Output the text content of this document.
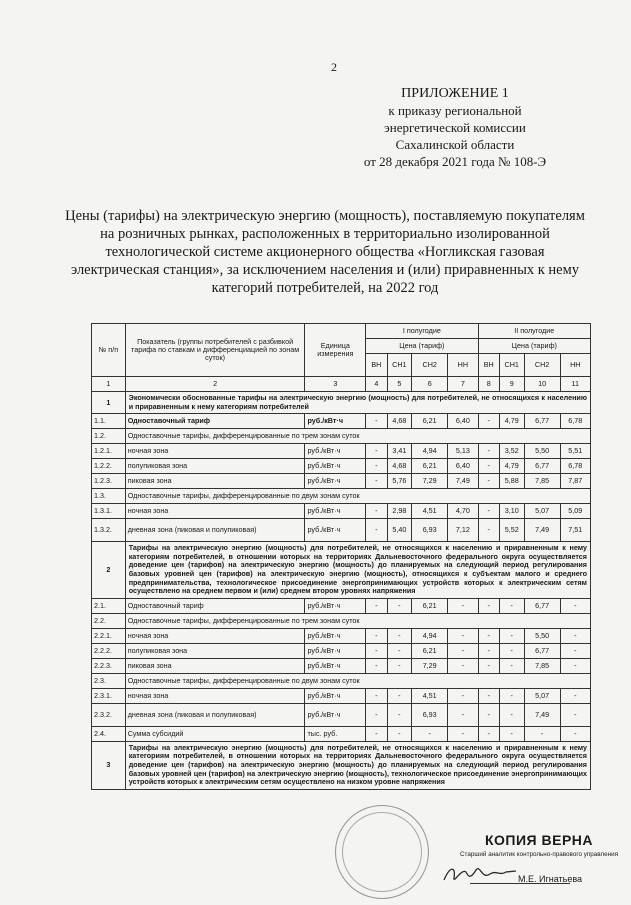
2
ПРИЛОЖЕНИЕ 1
к приказу региональной
энергетической комиссии
Сахалинской области
от 28 декабря 2021 года № 108-Э
Цены (тарифы) на электрическую энергию (мощность), поставляемую покупателям на розничных рынках, расположенных в территориально изолированной технологической системе акционерного общества «Ногликская газовая электрическая станция», за исключением населения и (или) приравненных к нему категорий потребителей, на 2022 год
№ п/п	Показатель (группы потребителей с разбивкой тарифа по ставкам и дифференциацией по зонам суток)	Единица измерения	I полугодие				II полугодие			
			Цена (тариф)				Цена (тариф)			
			ВН	СН1	СН2	НН	ВН	СН1	СН2	НН
1	2	3	4	5	6	7	8	9	10	11
1	Экономически обоснованные тарифы на электрическую энергию (мощность) для потребителей, не относящихся к населению и приравненным к нему категориям потребителей									
1.1.	Одноставочный тариф	руб./кВт·ч	-	4,68	6,21	6,40	-	4,79	6,77	6,78
1.2.	Одноставочные тарифы, дифференцированные по трем зонам суток									
1.2.1.	ночная зона	руб./кВт·ч	-	3,41	4,94	5,13	-	3,52	5,50	5,51
1.2.2.	полупиковая зона	руб./кВт·ч	-	4,68	6,21	6,40	-	4,79	6,77	6,78
1.2.3.	пиковая зона	руб./кВт·ч	-	5,76	7,29	7,49	-	5,88	7,85	7,87
1.3.	Одноставочные тарифы, дифференцированные по двум зонам суток									
1.3.1.	ночная зона	руб./кВт·ч	-	2,98	4,51	4,70	-	3,10	5,07	5,09
1.3.2.	дневная зона (пиковая и полупиковая)	руб./кВт·ч	-	5,40	6,93	7,12	-	5,52	7,49	7,51
2	Тарифы на электрическую энергию (мощность) для потребителей, не относящихся к населению и приравненным к нему категориям потребителей, в отношении которых на территориях Дальневосточного федерального округа осуществляется доведение цен (тарифов) на электрическую энергию (мощность) до планируемых на следующий период регулирования базовых уровней цен (тарифов) на электрическую энергию (мощность), относящихся к субъектам малого и среднего предпринимательства, технологическое присоединение энергопринимающих устройств которых к электрическим сетям осуществлено на среднем первом и (или) среднем втором уровнях напряжения									
2.1.	Одноставочный тариф	руб./кВт·ч	-	-	6,21	-	-	-	6,77	-
2.2.	Одноставочные тарифы, дифференцированные по трем зонам суток									
2.2.1.	ночная зона	руб./кВт·ч	-	-	4,94	-	-	-	5,50	-
2.2.2.	полупиковая зона	руб./кВт·ч	-	-	6,21	-	-	-	6,77	-
2.2.3.	пиковая зона	руб./кВт·ч	-	-	7,29	-	-	-	7,85	-
2.3.	Одноставочные тарифы, дифференцированные по двум зонам суток									
2.3.1.	ночная зона	руб./кВт·ч	-	-	4,51	-	-	-	5,07	-
2.3.2.	дневная зона (пиковая и полупиковая)	руб./кВт·ч	-	-	6,93	-	-	-	7,49	-
2.4.	Сумма субсидий	тыс. руб.	-	-	-	-	-	-	-	-
3	Тарифы на электрическую энергию (мощность) для потребителей, не относящихся к населению и приравненным к нему категориям потребителей, в отношении которых на территориях Дальневосточного федерального округа осуществляется доведение цен (тарифов) на электрическую энергию (мощность) до планируемых на следующий период регулирования базовых уровней цен (тарифов) на электрическую энергию (мощность), технологическое присоединение энергопринимающих устройств которых к электрическим сетям осуществлено на низком уровне напряжения									
КОПИЯ ВЕРНА
Старший аналитик контрольно-правового управления
М.Е. Игнатьева
